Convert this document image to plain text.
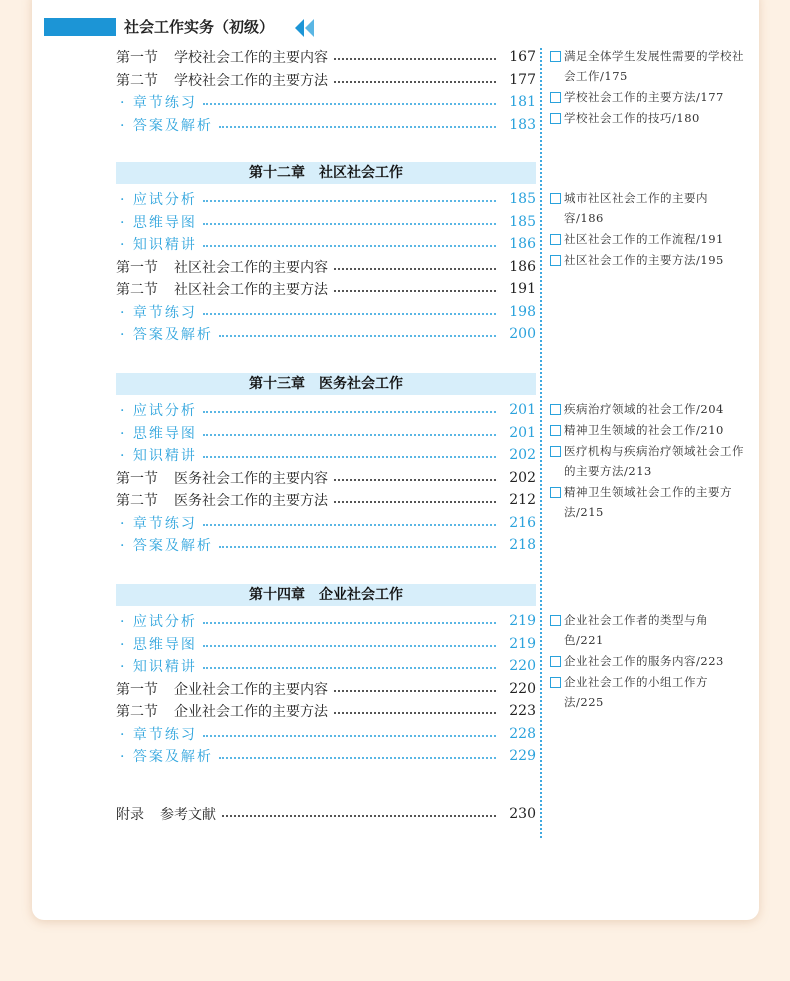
社会工作实务（初级）
第一节 学校社会工作的主要内容	167
第二节 学校社会工作的主要方法	177
· 章节练习	181
· 答案及解析	183
第十二章　社区社会工作
· 应试分析	185
· 思维导图	185
· 知识精讲	186
第一节 社区社会工作的主要内容	186
第二节 社区社会工作的主要方法	191
· 章节练习	198
· 答案及解析	200
第十三章　医务社会工作
· 应试分析	201
· 思维导图	201
· 知识精讲	202
第一节 医务社会工作的主要内容	202
第二节 医务社会工作的主要方法	212
· 章节练习	216
· 答案及解析	218
第十四章　企业社会工作
· 应试分析	219
· 思维导图	219
· 知识精讲	220
第一节 企业社会工作的主要内容	220
第二节 企业社会工作的主要方法	223
· 章节练习	228
· 答案及解析	229
附录 参考文献	230
满足全体学生发展性需要的学校社会工作/175
学校社会工作的主要方法/177
学校社会工作的技巧/180
城市社区社会工作的主要内容/186
社区社会工作的工作流程/191
社区社会工作的主要方法/195
疾病治疗领域的社会工作/204
精神卫生领域的社会工作/210
医疗机构与疾病治疗领域社会工作的主要方法/213
精神卫生领域社会工作的主要方法/215
企业社会工作者的类型与角色/221
企业社会工作的服务内容/223
企业社会工作的小组工作方法/225
